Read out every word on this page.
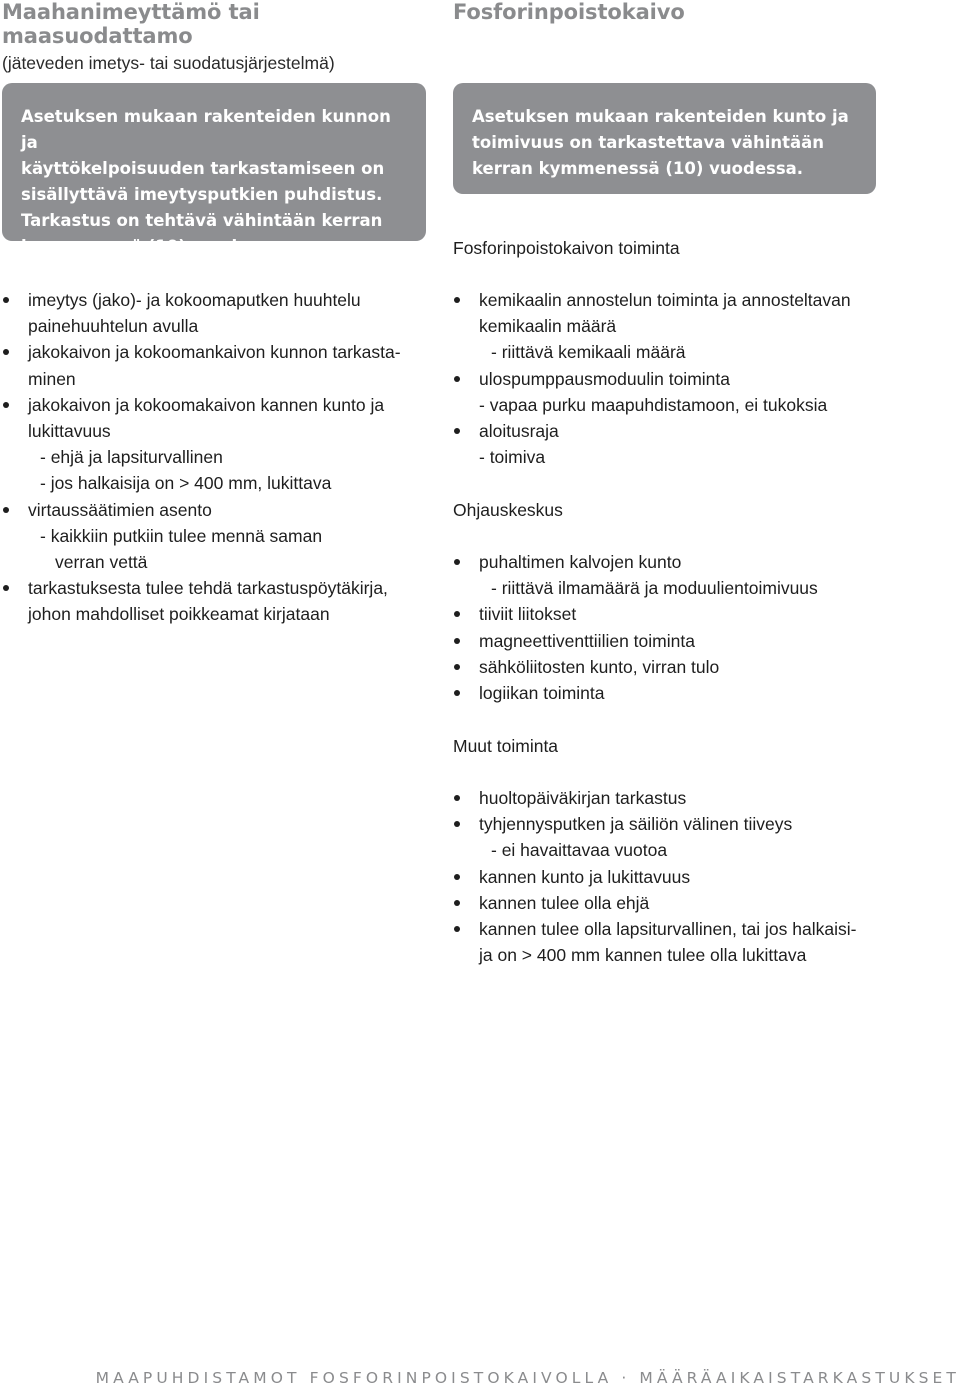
Maahanimeyttämö tai maasuodattamo
(jäteveden imetys- tai suodatusjärjestelmä)
Asetuksen mukaan rakenteiden kunnon ja
käyttökelpoisuuden tarkastamiseen on
sisällyttävä imeytysputkien puhdistus.
Tarkastus on tehtävä vähintään kerran
kymmenessä (10) vuodessa
imeytys (jako)- ja kokoomaputken huuhtelu
painehuuhtelun avulla
jakokaivon ja kokoomankaivon kunnon tarkasta-
minen
jakokaivon ja kokoomakaivon kannen kunto ja
lukittavuus
- ehjä ja lapsiturvallinen
- jos halkaisija on > 400 mm, lukittava
virtaussäätimien asento
- kaikkiin putkiin tulee mennä saman
verran vettä
tarkastuksesta tulee tehdä tarkastuspöytäkirja,
johon mahdolliset poikkeamat kirjataan
Fosforinpoistokaivo
Asetuksen mukaan rakenteiden kunto ja
toimivuus on tarkastettava vähintään
kerran kymmenessä (10) vuodessa.
Fosforinpoistokaivon toiminta
kemikaalin annostelun toiminta ja annosteltavan
kemikaalin määrä
- riittävä kemikaali määrä
ulospumppausmoduulin toiminta
- vapaa purku maapuhdistamoon, ei tukoksia
aloitusraja
- toimiva
Ohjauskeskus
puhaltimen kalvojen kunto
- riittävä ilmamäärä ja moduulientoimivuus
tiiviit liitokset
magneettiventtiilien toiminta
sähköliitosten kunto, virran tulo
logiikan toiminta
Muut toiminta
huoltopäiväkirjan tarkastus
tyhjennysputken ja säiliön välinen tiiveys
- ei havaittavaa vuotoa
kannen kunto ja lukittavuus
kannen tulee olla ehjä
kannen tulee olla lapsiturvallinen, tai jos halkaisi-
ja on > 400 mm kannen tulee olla lukittava
MAAPUHDISTAMOT FOSFORINPOISTOKAIVOLLA · MÄÄRÄAIKAISTARKASTUKSET
